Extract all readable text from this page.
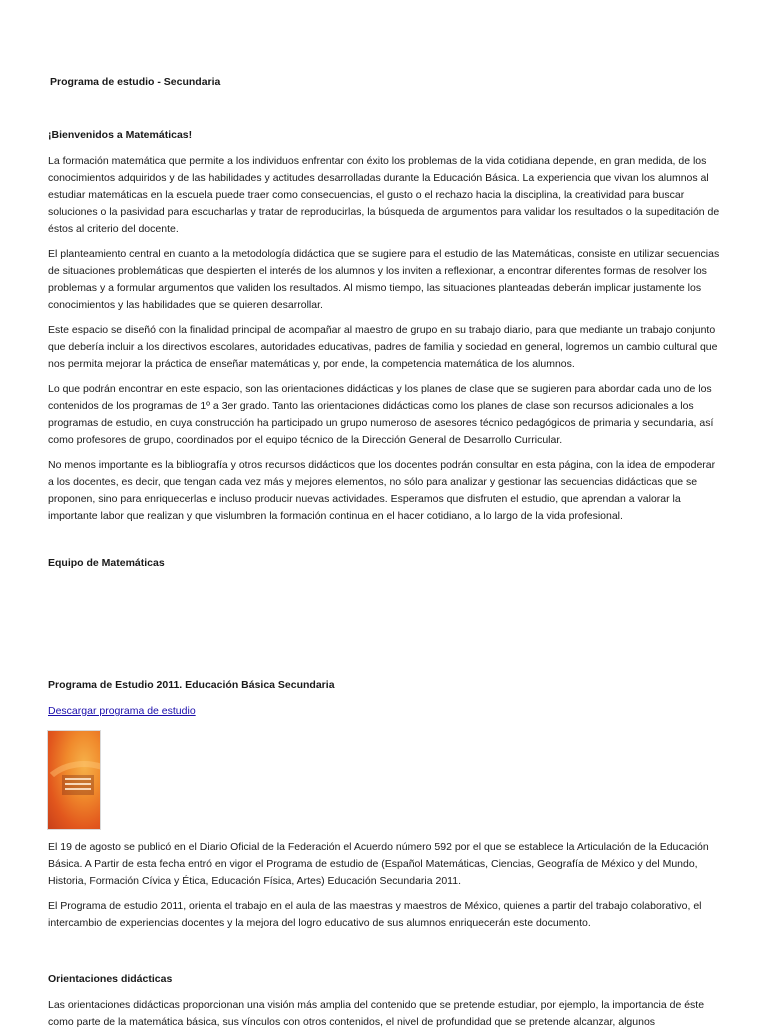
Programa de estudio - Secundaria

¡Bienvenidos a Matemáticas!

La formación matemática que permite a los individuos enfrentar con éxito los problemas de la vida cotidiana depende, en gran medida, de los conocimientos adquiridos y de las habilidades y actitudes desarrolladas durante la Educación Básica. La experiencia que vivan los alumnos al estudiar matemáticas en la escuela puede traer como consecuencias, el gusto o el rechazo hacia la disciplina, la creatividad para buscar soluciones o la pasividad para escucharlas y tratar de reproducirlas, la búsqueda de argumentos para validar los resultados o la supeditación de éstos al criterio del docente.

El planteamiento central en cuanto a la metodología didáctica que se sugiere para el estudio de las Matemáticas, consiste en utilizar secuencias de situaciones problemáticas que despierten el interés de los alumnos y los inviten a reflexionar, a encontrar diferentes formas de resolver los problemas y a formular argumentos que validen los resultados. Al mismo tiempo, las situaciones planteadas deberán implicar justamente los conocimientos y las habilidades que se quieren desarrollar.

Este espacio se diseñó con la finalidad principal de acompañar al maestro de grupo en su trabajo diario, para que mediante un trabajo conjunto que debería incluir a los directivos escolares, autoridades educativas, padres de familia y sociedad en general, logremos un cambio cultural que nos permita mejorar la práctica de enseñar matemáticas y, por ende, la competencia matemática de los alumnos.

Lo que podrán encontrar en este espacio, son las orientaciones didácticas y los planes de clase que se sugieren para abordar cada uno de los contenidos de los programas de 1º a 3er grado. Tanto las orientaciones didácticas como los planes de clase son recursos adicionales a los programas de estudio, en cuya construcción ha participado un grupo numeroso de asesores técnico pedagógicos de primaria y secundaria, así como profesores de grupo, coordinados por el equipo técnico de la Dirección General de Desarrollo Curricular.

No menos importante es la bibliografía y otros recursos didácticos que los docentes podrán consultar en esta página, con la idea de empoderar a los docentes, es decir, que tengan cada vez más y mejores elementos, no sólo para analizar y gestionar las secuencias didácticas que se proponen, sino para enriquecerlas e incluso producir nuevas actividades. Esperamos que disfruten el estudio, que aprendan a valorar la importante labor que realizan y que vislumbren la formación continua en el hacer cotidiano, a lo largo de la vida profesional.

Equipo de Matemáticas

Programa de Estudio 2011. Educación Básica Secundaria

Descargar programa de estudio

El 19 de agosto se publicó en el Diario Oficial de la Federación el Acuerdo número 592 por el que se establece la Articulación de la Educación Básica. A Partir de esta fecha entró en vigor el Programa de estudio de (Español Matemáticas, Ciencias, Geografía de México y del Mundo, Historia, Formación Cívica y Ética, Educación Física, Artes) Educación Secundaria 2011.

El Programa de estudio 2011, orienta el trabajo en el aula de las maestras y maestros de México, quienes a partir del trabajo colaborativo, el intercambio de experiencias docentes y la mejora del logro educativo de sus alumnos enriquecerán este documento.

Orientaciones didácticas

Las orientaciones didácticas proporcionan una visión más amplia del contenido que se pretende estudiar, por ejemplo, la importancia de éste como parte de la matemática básica, sus vínculos con otros contenidos, el nivel de profundidad que se pretende alcanzar, algunos
